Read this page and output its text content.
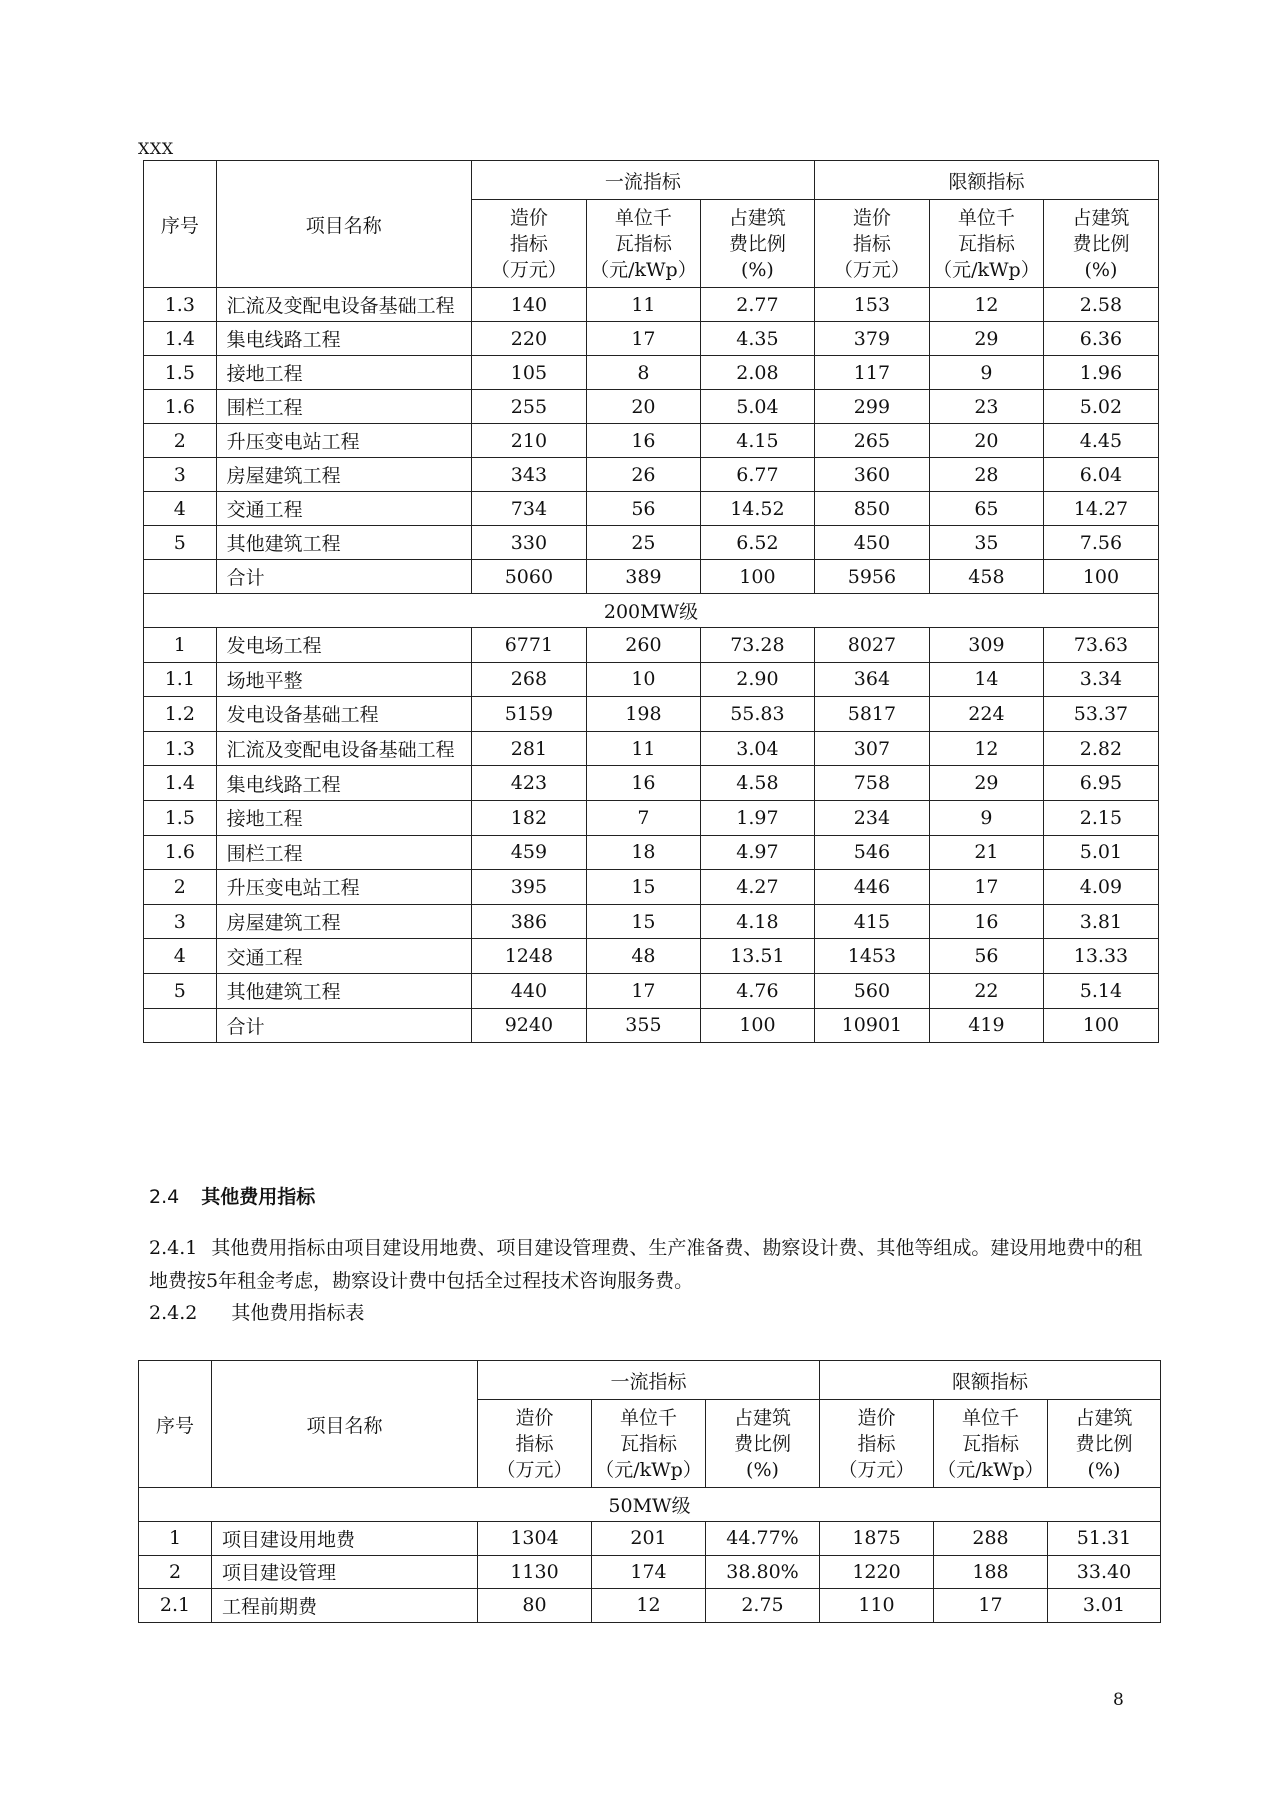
XXX
序号	项目名称	一流指标			限额指标		

		造价
指标
（万元）	单位千
瓦指标
（元/kWp）	占建筑
费比例
(%)	造价
指标
（万元）	单位千
瓦指标
（元/kWp）	占建筑
费比例
(%)

1.3	汇流及变配电设备基础工程	140	11	2.77	153	12	2.58
1.4	集电线路工程	220	17	4.35	379	29	6.36
1.5	接地工程	105	8	2.08	117	9	1.96
1.6	围栏工程	255	20	5.04	299	23	5.02
2	升压变电站工程	210	16	4.15	265	20	4.45
3	房屋建筑工程	343	26	6.77	360	28	6.04
4	交通工程	734	56	14.52	850	65	14.27
5	其他建筑工程	330	25	6.52	450	35	7.56
	合计	5060	389	100	5956	458	100
200MW级							
1	发电场工程	6771	260	73.28	8027	309	73.63
1.1	场地平整	268	10	2.90	364	14	3.34
1.2	发电设备基础工程	5159	198	55.83	5817	224	53.37
1.3	汇流及变配电设备基础工程	281	11	3.04	307	12	2.82
1.4	集电线路工程	423	16	4.58	758	29	6.95
1.5	接地工程	182	7	1.97	234	9	2.15
1.6	围栏工程	459	18	4.97	546	21	5.01
2	升压变电站工程	395	15	4.27	446	17	4.09
3	房屋建筑工程	386	15	4.18	415	16	3.81
4	交通工程	1248	48	13.51	1453	56	13.33
5	其他建筑工程	440	17	4.76	560	22	5.14
	合计	9240	355	100	10901	419	100
2.4 其他费用指标
2.4.1 其他费用指标由项目建设用地费、项目建设管理费、生产准备费、勘察设计费、其他等组成。建设用地费中的租地费按5年租金考虑，勘察设计费中包括全过程技术咨询服务费。
2.4.2 其他费用指标表
序号	项目名称	一流指标			限额指标		

		造价
指标
（万元）	单位千
瓦指标
（元/kWp）	占建筑
费比例
(%)	造价
指标
（万元）	单位千
瓦指标
（元/kWp）	占建筑
费比例
(%)

50MW级							
1	项目建设用地费	1304	201	44.77%	1875	288	51.31
2	项目建设管理	1130	174	38.80%	1220	188	33.40
2.1	工程前期费	80	12	2.75	110	17	3.01
8
